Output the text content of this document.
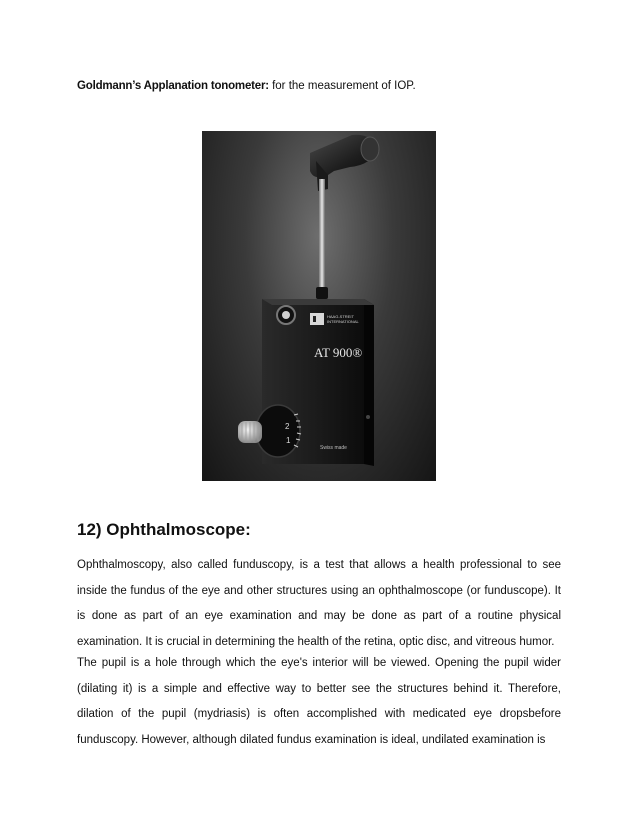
Goldmann’s Applanation tonometer: for the measurement of IOP.
HAAG-STREIT
INTERNATIONAL
AT 900®
2
1
Swiss made
12) Ophthalmoscope:

Ophthalmoscopy, also called funduscopy, is a test that allows a health professional to see inside the fundus of the eye and other structures using an ophthalmoscope (or funduscope). It is done as part of an eye examination and may be done as part of a routine physical examination. It is crucial in determining the health of the retina, optic disc, and vitreous humor.

The pupil is a hole through which the eye's interior will be viewed. Opening the pupil wider (dilating it) is a simple and effective way to better see the structures behind it. Therefore, dilation of the pupil (mydriasis) is often accomplished with medicated eye dropsbefore funduscopy. However, although dilated fundus examination is ideal, undilated examination is
